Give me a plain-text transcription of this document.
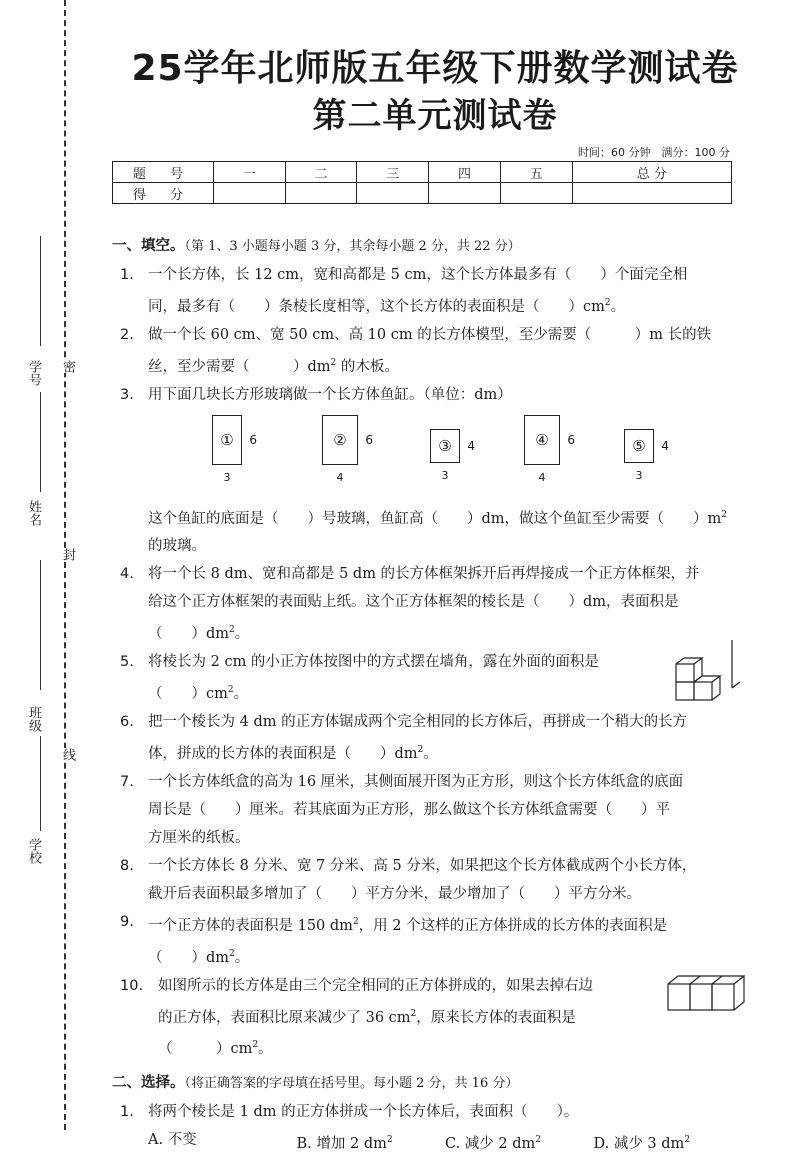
学号
姓名
班级
学校
密
封
线
25学年北师版五年级下册数学测试卷
第二单元测试卷
时间：60 分钟　满分：100 分
题 号	一	二	三	四	五	总 分
得 分						
一、填空。（第 1、3 小题每小题 3 分，其余每小题 2 分，共 22 分）
1. 一个长方体，长 12 cm，宽和高都是 5 cm，这个长方体最多有（　　）个面完全相
同，最多有（　　）条棱长度相等，这个长方体的表面积是（　　）$cm^2$。
2. 做一个长 60 cm、宽 50 cm、高 10 cm 的长方体模型，至少需要（　　　）m 长的铁
丝，至少需要（　　　）$dm^2$ 的木板。
3. 用下面几块长方形玻璃做一个长方体鱼缸。（单位：dm）
① 6
3
② 6
4
③ 4
3
④ 6
4
⑤ 4
3
这个鱼缸的底面是（　　）号玻璃，鱼缸高（　　）dm，做这个鱼缸至少需要（　　）$m^2$
的玻璃。
4. 将一个长 8 dm、宽和高都是 5 dm 的长方体框架拆开后再焊接成一个正方体框架，并
给这个正方体框架的表面贴上纸。这个正方体框架的棱长是（　　）dm，表面积是
（　　）$dm^2$。
5. 将棱长为 2 cm 的小正方体按图中的方式摆在墙角，露在外面的面积是
（　　）$cm^2$。
6. 把一个棱长为 4 dm 的正方体锯成两个完全相同的长方体后，再拼成一个稍大的长方
体，拼成的长方体的表面积是（　　）$dm^2$。
7. 一个长方体纸盒的高为 16 厘米，其侧面展开图为正方形，则这个长方体纸盒的底面
周长是（　　）厘米。若其底面为正方形，那么做这个长方体纸盒需要（　　）平
方厘米的纸板。
8. 一个长方体长 8 分米、宽 7 分米、高 5 分米，如果把这个长方体截成两个小长方体，
截开后表面积最多增加了（　　）平方分米，最少增加了（　　）平方分米。
9. 一个正方体的表面积是 150 $dm^2$，用 2 个这样的正方体拼成的长方体的表面积是
（　　）$dm^2$。
10.	如图所示的长方体是由三个完全相同的正方体拼成的，如果去掉右边
的正方体，表面积比原来减少了 36 $cm^2$，原来长方体的表面积是
（　　　）$cm^2$。
二、选择。（将正确答案的字母填在括号里。每小题 2 分，共 16 分）
1. 将两个棱长是 1 dm 的正方体拼成一个长方体后，表面积（　　）。
A. 不变	B. 增加 2 $dm^2$	C. 减少 2 $dm^2$	D. 减少 3 $dm^2$
